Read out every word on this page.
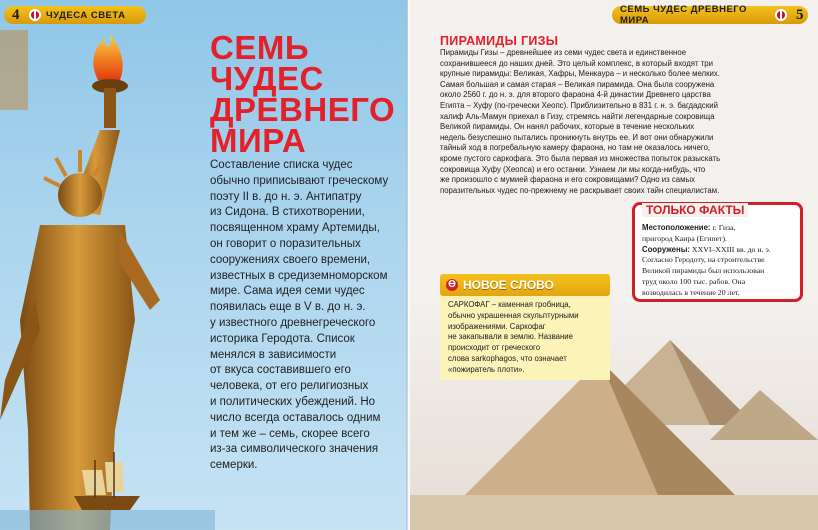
4	ЧУДЕСА СВЕТА
СЕМЬ ЧУДЕС ДРЕВНЕГО МИРА
Составление списка чудес
обычно приписывают греческому
поэту II в. до н. э. Антипатру
из Сидона. В стихотворении,
посвященном храму Артемиды,
он говорит о поразительных
сооружениях своего времени,
известных в средиземноморском
мире. Сама идея семи чудес
появилась еще в V в. до н. э.
у известного древнегреческого
историка Геродота. Список
менялся в зависимости
от вкуса составившего его
человека, от его религиозных
и политических убеждений. Но
число всегда оставалось одним
и тем же – семь, скорее всего
из-за символического значения
семерки.
СЕМЬ ЧУДЕС ДРЕВНЕГО МИРА	5
ПИРАМИДЫ ГИЗЫ
Пирамиды Гизы – древнейшее из семи чудес света и единственное
сохранившееся до наших дней. Это целый комплекс, в который входят три
крупные пирамиды: Великая, Хафры, Менкаура – и несколько более мелких.
Самая большая и самая старая – Великая пирамида. Она была сооружена
около 2560 г. до н. э. для второго фараона 4-й династии Древнего царства
Египта – Хуфу (по-гречески Хеопс). Приблизительно в 831 г. н. э. багдадский
халиф Аль-Мамун приехал в Гизу, стремясь найти легендарные сокровища
Великой пирамиды. Он нанял рабочих, которые в течение нескольких
недель безуспешно пытались проникнуть внутрь ее. И вот они обнаружили
тайный ход в погребальную камеру фараона, но там не оказалось ничего,
кроме пустого саркофага. Это была первая из множества попыток разыскать
сокровища Хуфу (Хеопса) и его останки. Узнаем ли мы когда-нибудь, что
же произошло с мумией фараона и его сокровищами? Одно из самых
поразительных чудес по-прежнему не раскрывает своих тайн специалистам.
ТОЛЬКО ФАКТЫ
Местоположение: г. Гиза,
пригород Каира (Египет).
Сооружены: XXVI–XXIII вв. до н. э.
Согласно Геродоту, на строительстве
Великой пирамиды был использован
труд около 100 тыс. рабов. Она
возводилась в течение 20 лет.
Ө НОВОЕ СЛОВО
САРКОФАГ – каменная гробница,
обычно украшенная скульптурными
изображениями. Саркофаг
не закапывали в землю. Название
происходит от греческого
слова sarkophagos, что означает
«пожиратель плоти».
